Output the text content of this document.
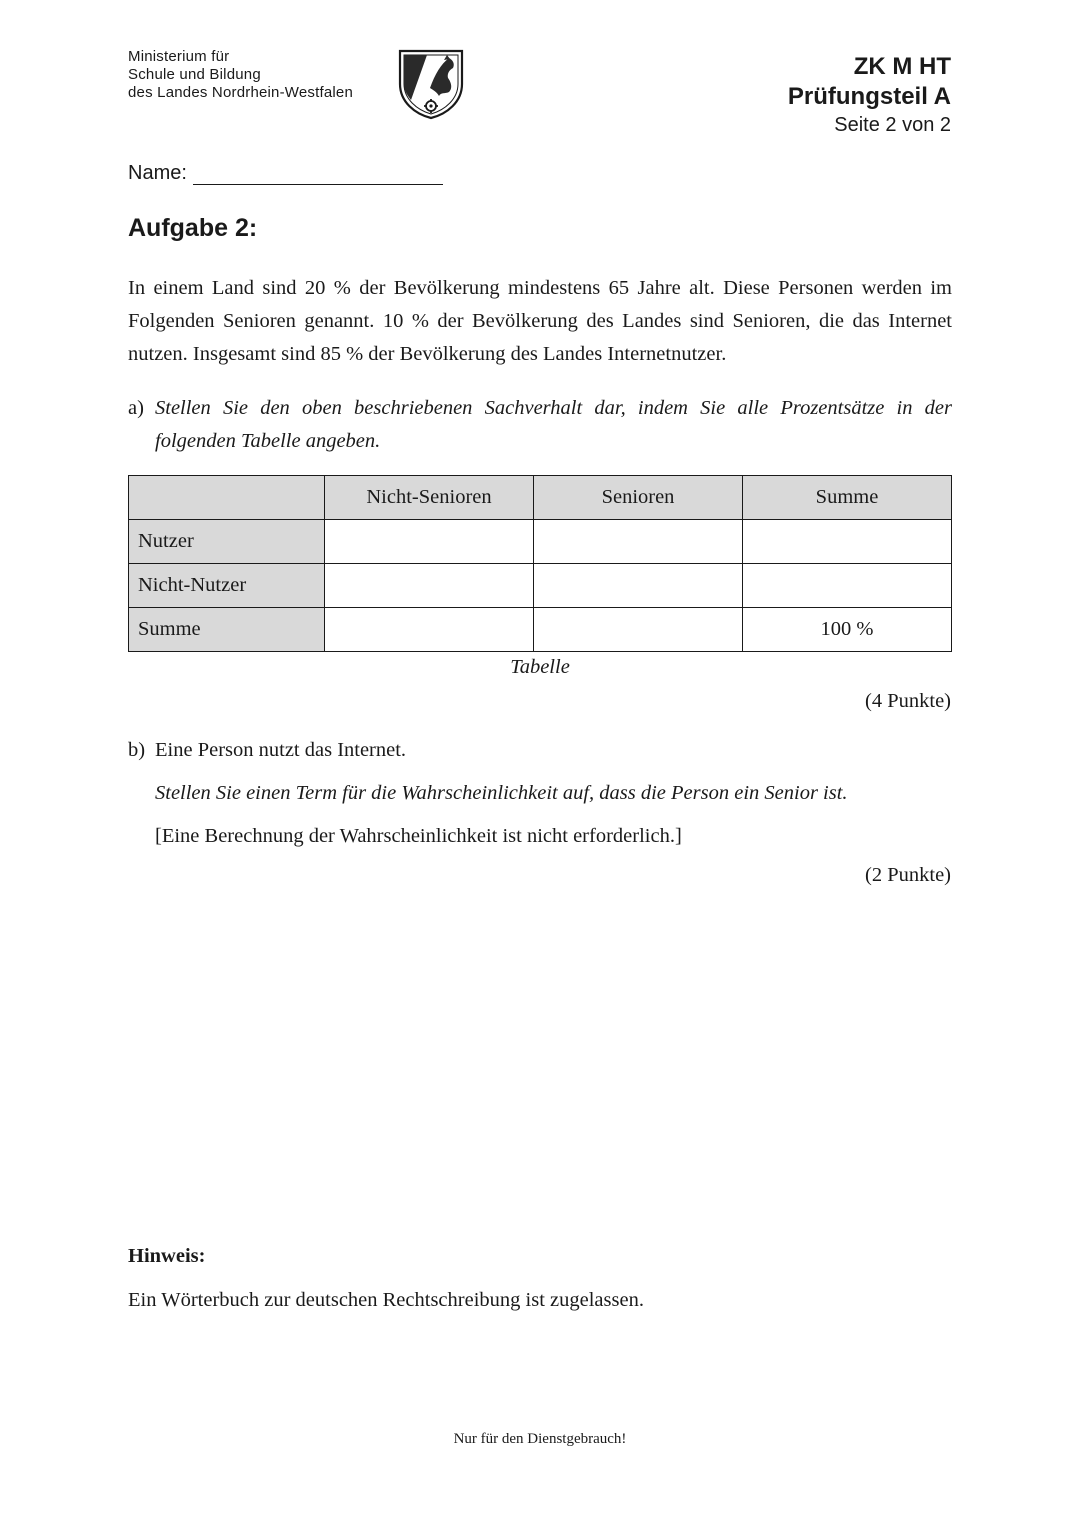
Ministerium für
Schule und Bildung
des Landes Nordrhein-Westfalen
ZK M HT
Prüfungsteil A
Seite 2 von 2
Name:
Aufgabe 2:
In einem Land sind 20 % der Bevölkerung mindestens 65 Jahre alt. Diese Personen werden im Folgenden Senioren genannt. 10 % der Bevölkerung des Landes sind Senioren, die das Internet nutzen. Insgesamt sind 85 % der Bevölkerung des Landes Internetnutzer.
a) Stellen Sie den oben beschriebenen Sachverhalt dar, indem Sie alle Prozentsätze in der folgenden Tabelle angeben.
	Nicht-Senioren	Senioren	Summe
Nutzer			
Nicht-Nutzer			
Summe			100 %
Tabelle
(4 Punkte)
b) Eine Person nutzt das Internet.

Stellen Sie einen Term für die Wahrscheinlichkeit auf, dass die Person ein Senior ist.

[Eine Berechnung der Wahrscheinlichkeit ist nicht erforderlich.]

(2 Punkte)
Hinweis:
Ein Wörterbuch zur deutschen Rechtschreibung ist zugelassen.
Nur für den Dienstgebrauch!
